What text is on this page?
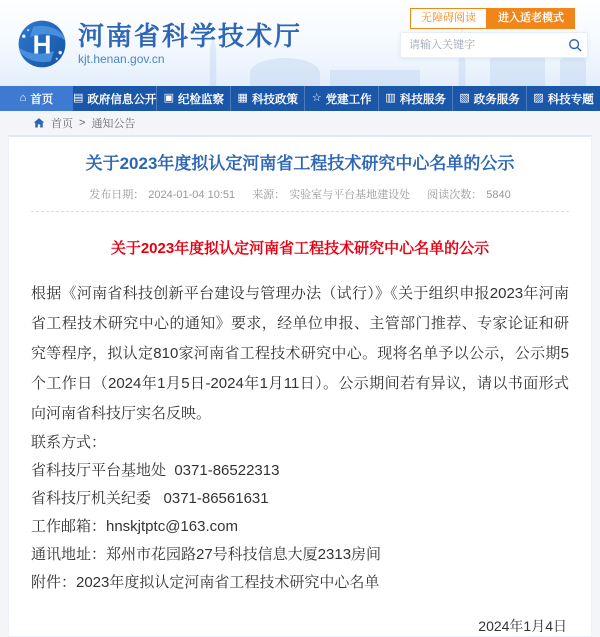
无障碍阅读	进入适老模式
H 河南省科学技术厅
kjt.henan.gov.cn
请输入关键字
⌂ 首页 ▤ 政府信息公开 ▣ 纪检监察 ▦ 科技政策 ☆ 党建工作 ▥ 科技服务 ▧ 政务服务 ▨ 科技专题
首页 > 通知公告
关于2023年度拟认定河南省工程技术研究中心名单的公示
发布日期： 2024-01-04 10:51 来源： 实验室与平台基地建设处 阅读次数： 5840
关于2023年度拟认定河南省工程技术研究中心名单的公示

根据《河南省科技创新平台建设与管理办法（试行）》《关于组织申报2023年河南省工程技术研究中心的通知》要求，经单位申报、主管部门推荐、专家论证和研究等程序，拟认定810家河南省工程技术研究中心。现将名单予以公示，公示期5个工作日（2024年1月5日-2024年1月11日）。公示期间若有异议，请以书面形式向河南省科技厅实名反映。

联系方式：

省科技厅平台基地处  0371-86522313

省科技厅机关纪委   0371-86561631

工作邮箱：hnskjtptc@163.com

通讯地址：郑州市花园路27号科技信息大厦2313房间

附件：2023年度拟认定河南省工程技术研究中心名单

2024年1月4日
